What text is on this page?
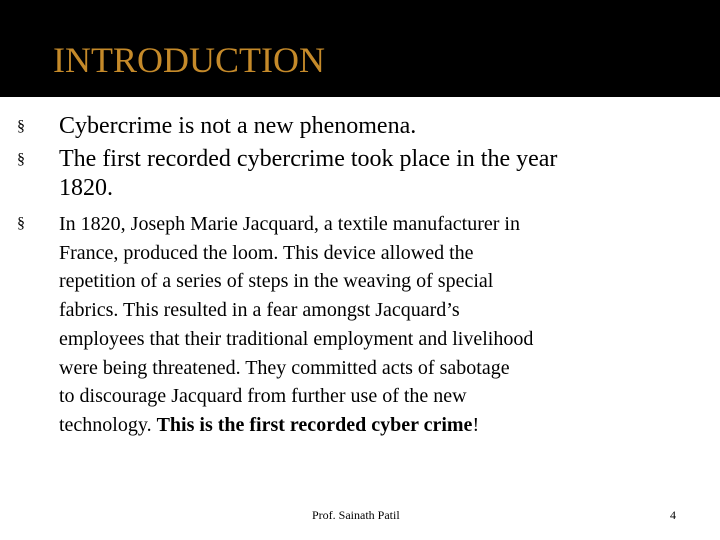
INTRODUCTION
§ Cybercrime is not a new phenomena.

§ The first recorded cybercrime took place in the year
1820.

§ In 1820, Joseph Marie Jacquard, a textile manufacturer in
France, produced the loom. This device allowed the
repetition of a series of steps in the weaving of special
fabrics. This resulted in a fear amongst Jacquard’s
employees that their traditional employment and livelihood
were being threatened. They committed acts of sabotage
to discourage Jacquard from further use of the new
technology. This is the first recorded cyber crime!

Prof. Sainath Patil	4
